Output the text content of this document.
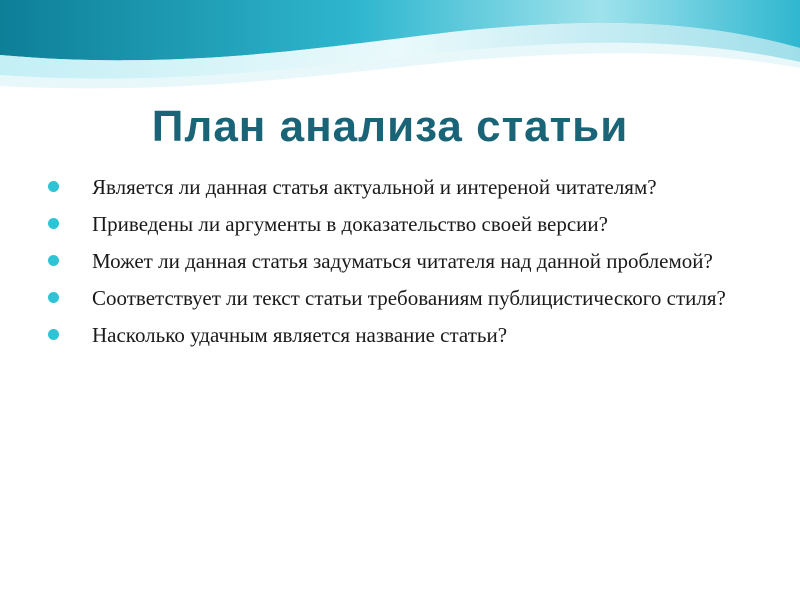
План анализа статьи
Является ли данная статья актуальной и интереной читателям?
Приведены ли аргументы в доказательство своей версии?
Может ли данная статья задуматься читателя над данной проблемой?
Соответствует ли текст статьи требованиям публицистического стиля?
Насколько удачным является название статьи?
